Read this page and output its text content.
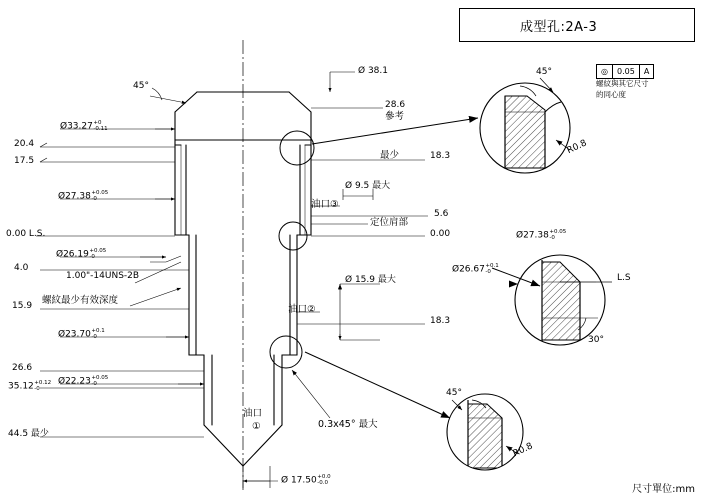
成型孔:2A-3
◎	0.05	A
螺紋與其它尺寸
的同心度
20.4
17.5
0.00 L.S.
4.0
15.9
26.6
35.12 +0.12
-0
44.5 最少
18.3
5.6
0.00
18.3
Ø 38.1
Ø33.27 +0
-0.11
Ø27.38 +0.05
-0
Ø26.19 +0.05
-0
Ø23.70 +0.1
-0
Ø22.23 +0.05
-0
Ø 9.5 最大
Ø 15.9 最大
Ø 17.50 +0.0
-0.0
45°
28.6
參考
最少
油口③
定位肩部
1.00"-14UNS-2B
螺紋最少有效深度
油口②
油口
①	0.3x45° 最大
45°
R0.8
Ø27.38 +0.05
-0
Ø26.67 +0.1
-0
L.S
30°
45°
R0.8
尺寸單位:mm
